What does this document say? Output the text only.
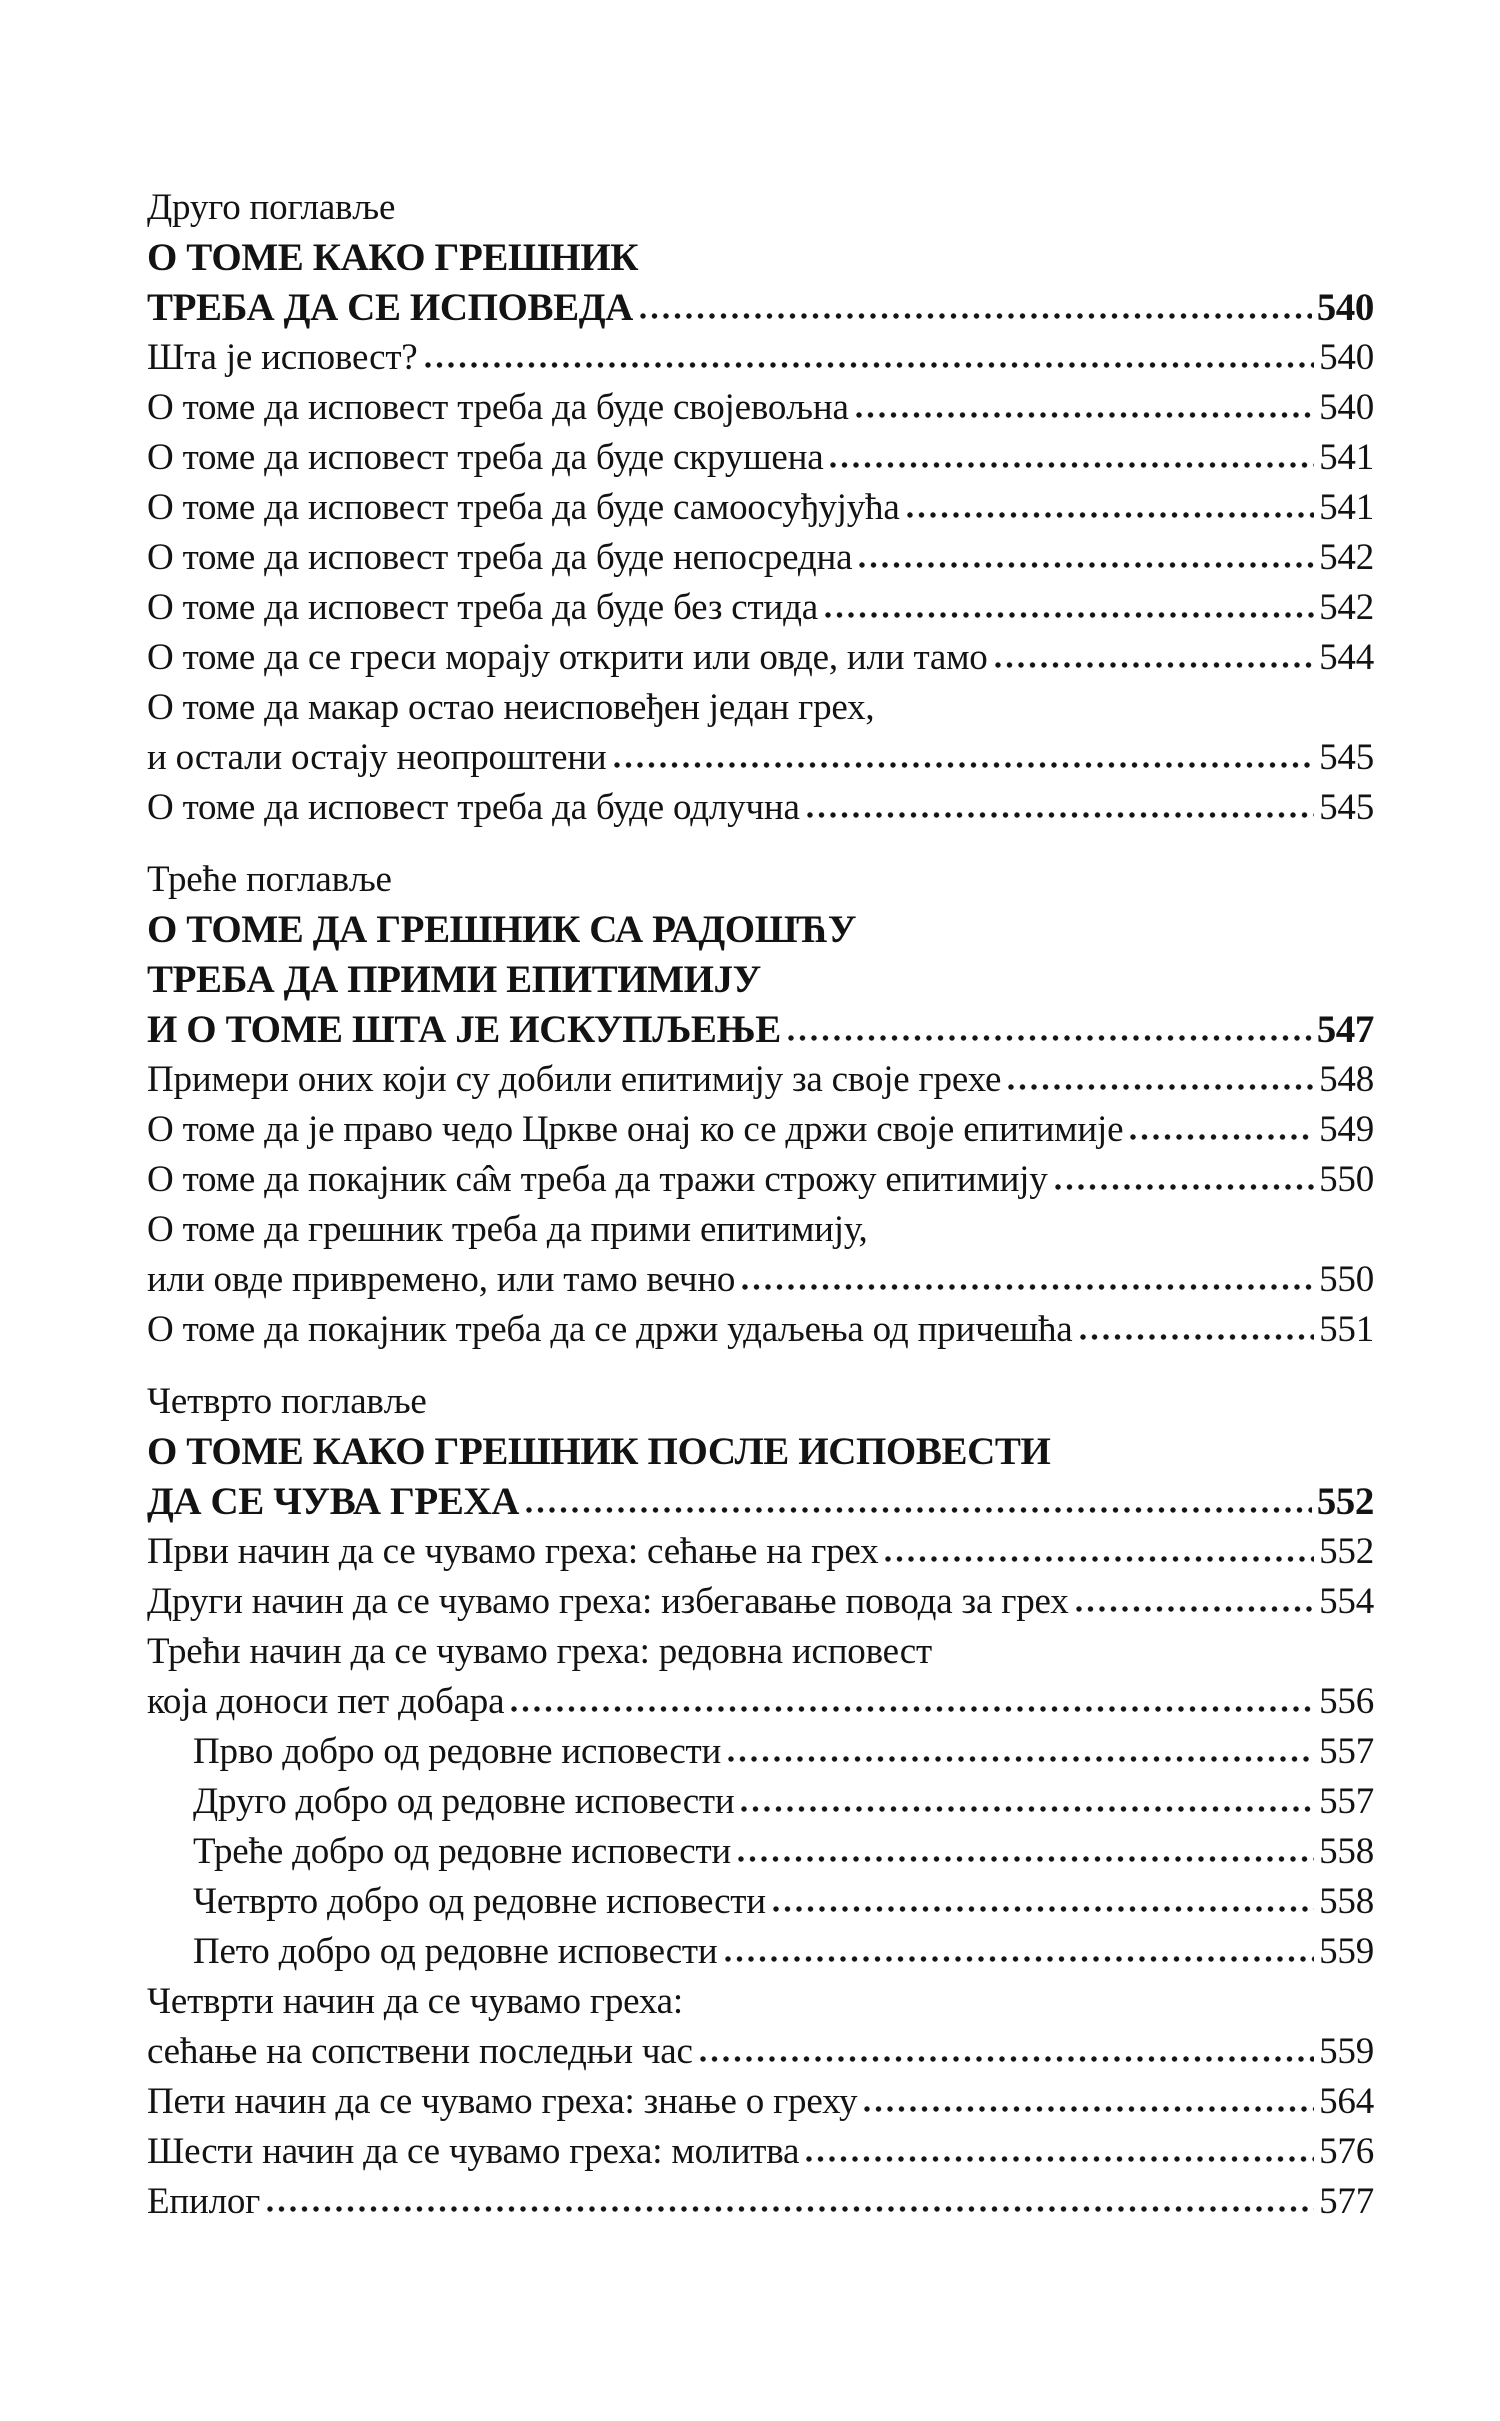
Друго поглавље
О ТОМЕ КАКО ГРЕШНИК
ТРЕБА ДА СЕ ИСПОВЕДА	540
Шта је исповест?	540
О томе да исповест треба да буде својевољна	540
О томе да исповест треба да буде скрушена	541
О томе да исповест треба да буде самоосуђујућа	541
О томе да исповест треба да буде непосредна	542
О томе да исповест треба да буде без стида	542
О томе да се греси морају открити или овде, или тамо	544
О томе да макар остао неисповеђен један грех,
и остали остају неопроштени	545
О томе да исповест треба да буде одлучна	545
Треће поглавље
О ТОМЕ ДА ГРЕШНИК СА РАДОШЋУ
ТРЕБА ДА ПРИМИ ЕПИТИМИЈУ
И О ТОМЕ ШТА ЈЕ ИСКУПЉЕЊЕ	547
Примери оних који су добили епитимију за своје грехе	548
О томе да је право чедо Цркве онај ко се држи своје епитимије	549
О томе да покајник са̂м треба да тражи строжу епитимију	550
О томе да грешник треба да прими епитимију,
или овде привремено, или тамо вечно	550
О томе да покајник треба да се држи удаљења од причешћа	551
Четврто поглавље
О ТОМЕ КАКО ГРЕШНИК ПОСЛЕ ИСПОВЕСТИ
ДА СЕ ЧУВА ГРЕХА	552
Први начин да се чувамо греха: сећање на грех	552
Други начин да се чувамо греха: избегавање повода за грех	554
Трећи начин да се чувамо греха: редовна исповест
која доноси пет добара	556
Прво добро од редовне исповести	557
Друго добро од редовне исповести	557
Треће добро од редовне исповести	558
Четврто добро од редовне исповести	558
Пето добро од редовне исповести	559
Четврти начин да се чувамо греха:
сећање на сопствени последњи час	559
Пети начин да се чувамо греха: знање о греху	564
Шести начин да се чувамо греха: молитва	576
Епилог	577
